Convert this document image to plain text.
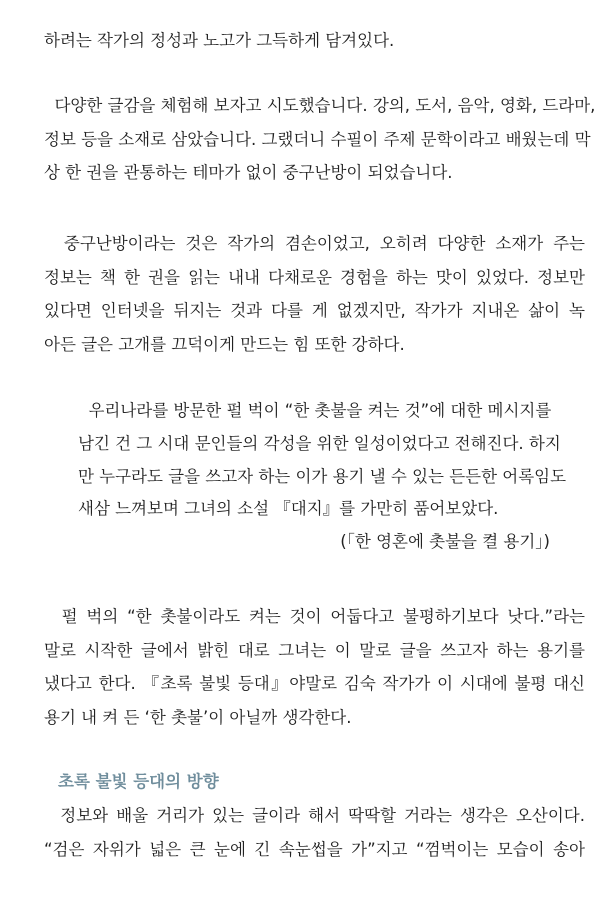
하려는 작가의 정성과 노고가 그득하게 담겨있다.
다양한 글감을 체험해 보자고 시도했습니다. 강의, 도서, 음악, 영화, 드라마,
정보 등을 소재로 삼았습니다. 그랬더니 수필이 주제 문학이라고 배웠는데 막
상 한 권을 관통하는 테마가 없이 중구난방이 되었습니다.
중구난방이라는 것은 작가의 겸손이었고, 오히려 다양한 소재가 주는
정보는 책 한 권을 읽는 내내 다채로운 경험을 하는 맛이 있었다. 정보만
있다면 인터넷을 뒤지는 것과 다를 게 없겠지만, 작가가 지내온 삶이 녹
아든 글은 고개를 끄덕이게 만드는 힘 또한 강하다.
우리나라를 방문한 펄 벅이 “한 촛불을 켜는 것”에 대한 메시지를
남긴 건 그 시대 문인들의 각성을 위한 일성이었다고 전해진다. 하지
만 누구라도 글을 쓰고자 하는 이가 용기 낼 수 있는 든든한 어록임도
새삼 느껴보며 그녀의 소설 『대지』를 가만히 품어보았다.
(「한 영혼에 촛불을 켤 용기」)
펄 벅의 “한 촛불이라도 켜는 것이 어둡다고 불평하기보다 낫다.”라는
말로 시작한 글에서 밝힌 대로 그녀는 이 말로 글을 쓰고자 하는 용기를
냈다고 한다. 『초록 불빛 등대』야말로 김숙 작가가 이 시대에 불평 대신
용기 내 켜 든 ‘한 촛불’이 아닐까 생각한다.
초록 불빛 등대의 방향
정보와 배울 거리가 있는 글이라 해서 딱딱할 거라는 생각은 오산이다.
“검은 자위가 넓은 큰 눈에 긴 속눈썹을 가”지고 “껌벅이는 모습이 송아
